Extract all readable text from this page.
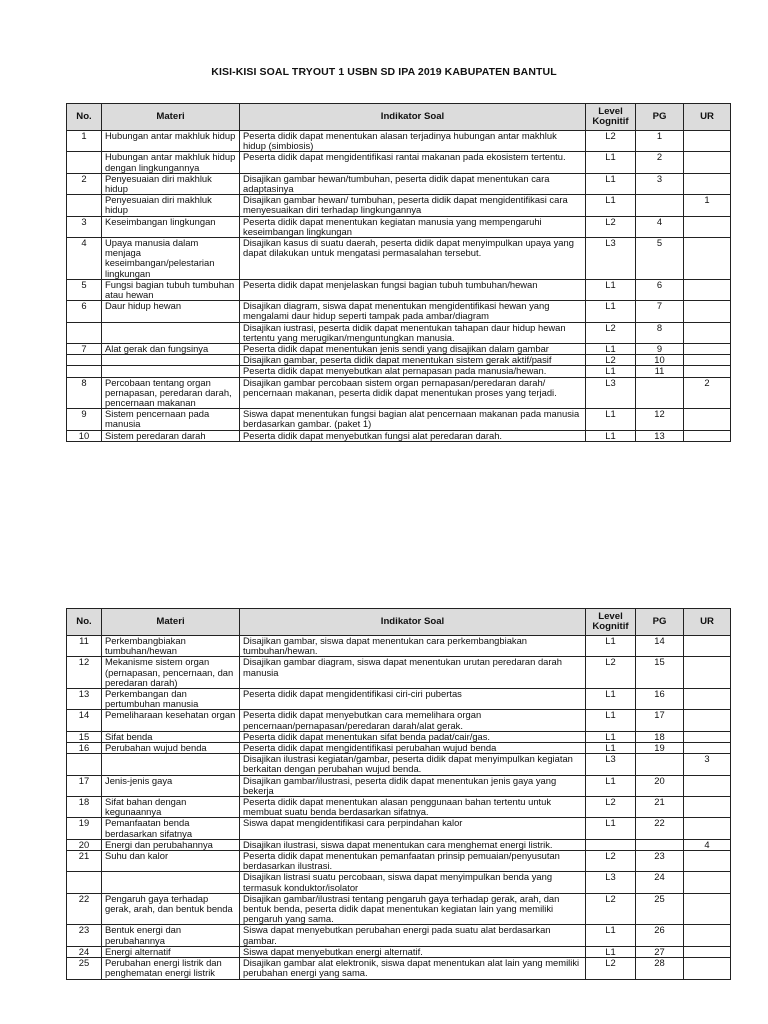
KISI-KISI SOAL TRYOUT 1 USBN SD IPA 2019 KABUPATEN BANTUL
No.	Materi	Indikator Soal	Level Kognitif	PG	UR
1	Hubungan antar makhluk hidup	Peserta didik dapat menentukan alasan terjadinya hubungan antar makhluk hidup (simbiosis)	L2	1	
	Hubungan antar makhluk hidup dengan lingkungannya	Peserta didik dapat mengidentifikasi rantai makanan pada ekosistem tertentu.	L1	2	
2	Penyesuaian diri makhluk hidup	Disajikan gambar hewan/tumbuhan, peserta didik dapat menentukan cara adaptasinya	L1	3	
	Penyesuaian diri makhluk hidup	Disajikan gambar hewan/ tumbuhan, peserta didik dapat mengidentifikasi cara menyesuaikan diri terhadap lingkungannya	L1		1
3	Keseimbangan lingkungan	Peserta didik dapat menentukan kegiatan manusia yang mempengaruhi keseimbangan lingkungan	L2	4	
4	Upaya manusia dalam menjaga keseimbangan/pelestarian lingkungan	Disajikan kasus di suatu daerah, peserta didik dapat menyimpulkan upaya yang dapat dilakukan untuk mengatasi permasalahan tersebut.	L3	5	
5	Fungsi bagian tubuh tumbuhan atau hewan	Peserta didik dapat menjelaskan fungsi bagian tubuh tumbuhan/hewan	L1	6	
6	Daur hidup hewan	Disajikan diagram, siswa dapat menentukan mengidentifikasi hewan yang mengalami daur hidup seperti tampak pada ambar/diagram	L1	7	
		Disajikan iustrasi, peserta didik dapat menentukan tahapan daur hidup hewan tertentu yang merugikan/menguntungkan manusia.	L2	8	
7	Alat gerak dan fungsinya	Peserta didik dapat menentukan jenis sendi yang disajikan dalam gambar	L1	9	
		Disajikan gambar, peserta didik dapat menentukan sistem gerak aktif/pasif	L2	10	
		Peserta didik dapat menyebutkan alat pernapasan pada manusia/hewan.	L1	11	
8	Percobaan tentang organ pernapasan, peredaran darah, pencernaan makanan	Disajikan gambar percobaan sistem organ pernapasan/peredaran darah/ pencernaan makanan, peserta didik dapat menentukan proses yang terjadi.	L3		2
9	Sistem pencernaan pada manusia	Siswa dapat menentukan fungsi bagian alat pencernaan makanan pada manusia berdasarkan gambar. (paket 1)	L1	12	
10	Sistem peredaran darah	Peserta didik dapat menyebutkan fungsi alat peredaran darah.	L1	13	
No.	Materi	Indikator Soal	Level Kognitif	PG	UR
11	Perkembangbiakan tumbuhan/hewan	Disajikan gambar, siswa dapat menentukan cara perkembangbiakan tumbuhan/hewan.	L1	14	
12	Mekanisme sistem organ (pernapasan, pencernaan, dan peredaran darah)	Disajikan gambar diagram, siswa dapat menentukan urutan peredaran darah manusia	L2	15	
13	Perkembangan dan pertumbuhan manusia	Peserta didik dapat mengidentifikasi ciri-ciri pubertas	L1	16	
14	Pemeliharaan kesehatan organ	Peserta didik dapat menyebutkan cara memelihara organ pencernaan/pernapasan/peredaran darah/alat gerak.	L1	17	
15	Sifat benda	Peserta didik dapat menentukan sifat benda padat/cair/gas.	L1	18	
16	Perubahan wujud benda	Peserta didik dapat mengidentifikasi perubahan wujud benda	L1	19	
		Disajikan ilustrasi kegiatan/gambar, peserta didik dapat menyimpulkan kegiatan berkaitan dengan perubahan wujud benda.	L3		3
17	Jenis-jenis gaya	Disajikan gambar/ilustrasi, peserta didik dapat menentukan jenis gaya yang bekerja	L1	20	
18	Sifat bahan dengan kegunaannya	Peserta didik dapat menentukan alasan penggunaan bahan tertentu untuk membuat suatu benda berdasarkan sifatnya.	L2	21	
19	Pemanfaatan benda berdasarkan sifatnya	Siswa dapat mengidentifikasi cara perpindahan kalor	L1	22	
20	Energi dan perubahannya	Disajikan ilustrasi, siswa dapat menentukan cara menghemat energi listrik.			4
21	Suhu dan kalor	Peserta didik dapat menentukan pemanfaatan prinsip pemuaian/penyusutan berdasarkan ilustrasi.	L2	23	
		Disajikan listrasi suatu percobaan, siswa dapat menyimpulkan benda yang termasuk konduktor/isolator	L3	24	
22	Pengaruh gaya terhadap gerak, arah, dan bentuk benda	Disajikan gambar/ilustrasi tentang pengaruh gaya terhadap gerak, arah, dan bentuk benda, peserta didik dapat menentukan kegiatan lain yang memiliki pengaruh yang sama.	L2	25	
23	Bentuk energi dan perubahannya	Siswa dapat menyebutkan perubahan energi pada suatu alat berdasarkan gambar.	L1	26	
24	Energi alternatif	Siswa dapat menyebutkan energi alternatif.	L1	27	
25	Perubahan energi listrik dan penghematan energi listrik	Disajikan gambar alat elektronik, siswa dapat menentukan alat lain yang memiliki perubahan energi yang sama.	L2	28	
